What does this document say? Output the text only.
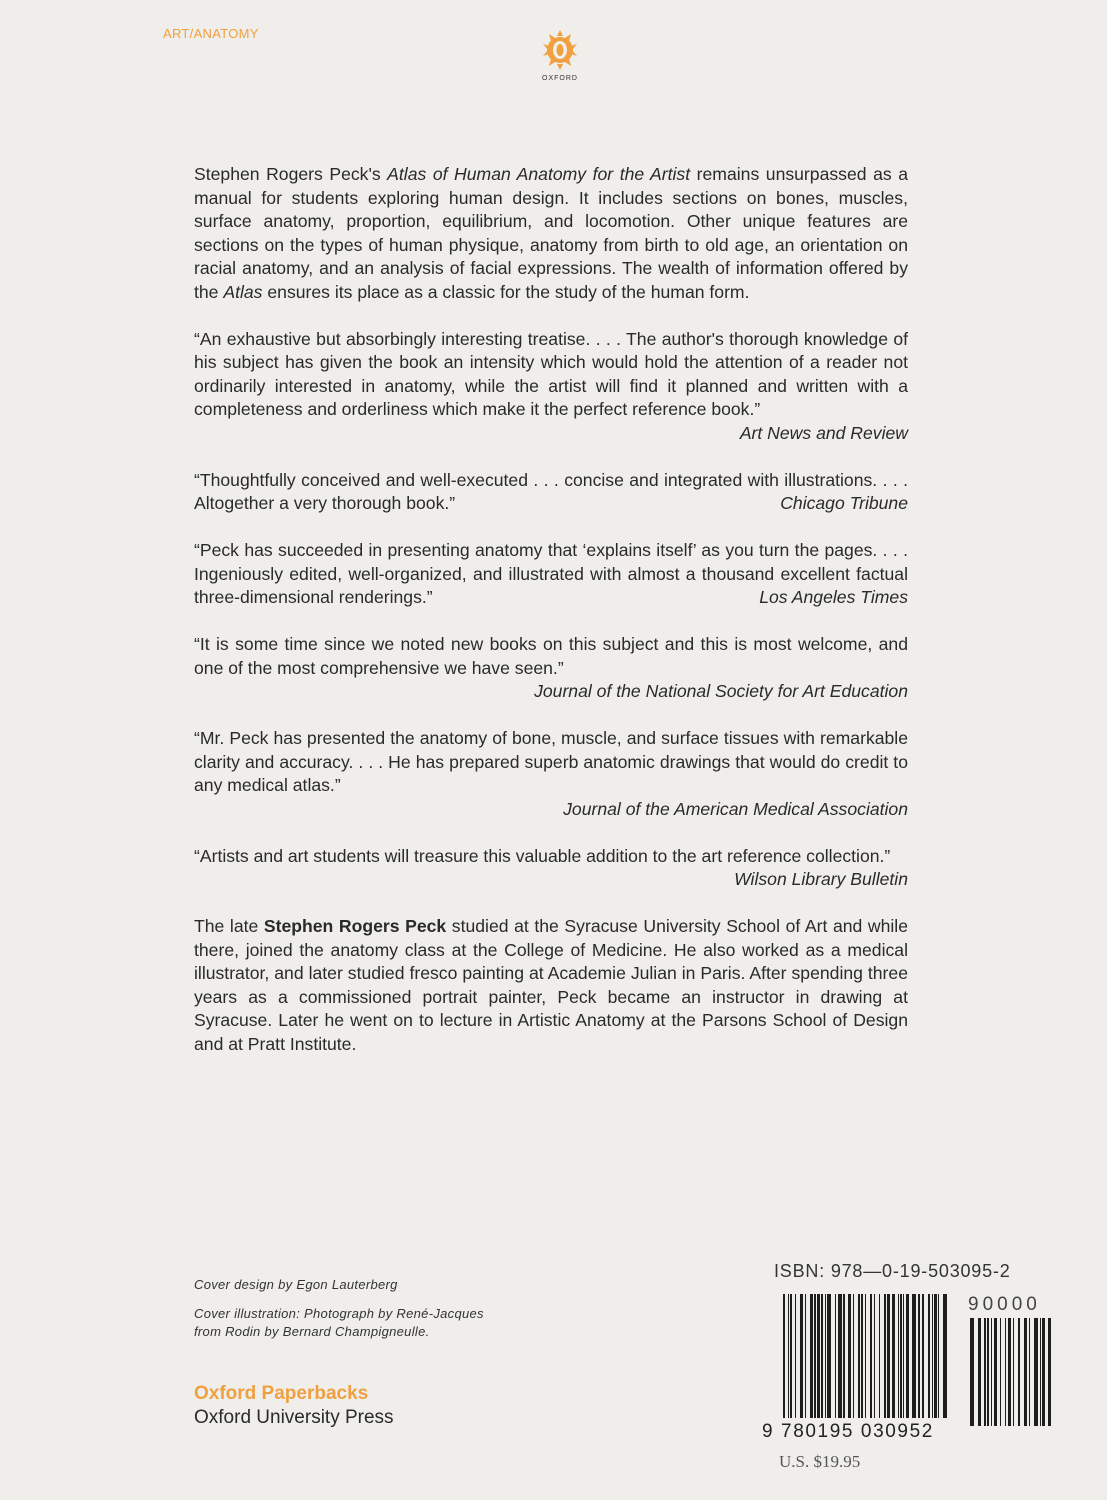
ART/ANATOMY
OXFORD

Stephen Rogers Peck's Atlas of Human Anatomy for the Artist remains unsurpassed as a manual for students exploring human design. It includes sections on bones, muscles, surface anatomy, proportion, equilibrium, and locomotion. Other unique features are sections on the types of human physique, anatomy from birth to old age, an orientation on racial anatomy, and an analysis of facial expressions. The wealth of information offered by the Atlas ensures its place as a classic for the study of the human form.

“An exhaustive but absorbingly interesting treatise. . . . The author's thorough knowledge of his subject has given the book an intensity which would hold the attention of a reader not ordinarily interested in anatomy, while the artist will find it planned and written with a completeness and orderliness which make it the perfect reference book.”
Art News and Review

“Thoughtfully conceived and well-executed . . . concise and integrated with illustrations. . . . Altogether a very thorough book.”	Chicago Tribune

“Peck has succeeded in presenting anatomy that ‘explains itself’ as you turn the pages. . . . Ingeniously edited, well-organized, and illustrated with almost a thousand excellent factual three-dimensional renderings.”	Los Angeles Times

“It is some time since we noted new books on this subject and this is most welcome, and one of the most comprehensive we have seen.”
Journal of the National Society for Art Education

“Mr. Peck has presented the anatomy of bone, muscle, and surface tissues with remarkable clarity and accuracy. . . . He has prepared superb anatomic drawings that would do credit to any medical atlas.”
Journal of the American Medical Association

“Artists and art students will treasure this valuable addition to the art reference collection.”
Wilson Library Bulletin

The late Stephen Rogers Peck studied at the Syracuse University School of Art and while there, joined the anatomy class at the College of Medicine. He also worked as a medical illustrator, and later studied fresco painting at Academie Julian in Paris. After spending three years as a commissioned portrait painter, Peck became an instructor in drawing at Syracuse. Later he went on to lecture in Artistic Anatomy at the Parsons School of Design and at Pratt Institute.

Cover design by Egon Lauterberg
Cover illustration: Photograph by René-Jacques
from Rodin by Bernard Champigneulle.
Oxford Paperbacks
Oxford University Press
ISBN: 978—0-19-503095-2
9 780195 030952
90000
U.S. $19.95
